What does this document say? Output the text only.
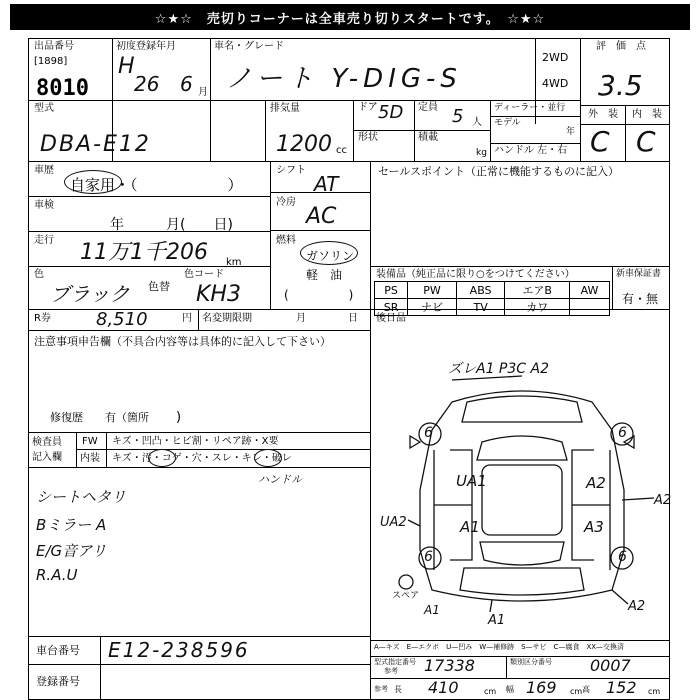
☆★☆　売切りコーナーは全車売り切りスタートです。　☆★☆
出品番号
[1898]
8010
初度登録年月
H
26 6 月
車名・グレード
ノート Y-DIG-S
2WD
4WD
評　価　点
3.5
外　装 内　装
C C
型式
DBA-E12
排気量
1200 cc
ドア 5D 定員 5 人
形状	積載
kg
ディーラー・並行
モデル
年
ハンドル 左・右
車歴
自家用・（　　　　　　）
車検
年　　　月(　　日)
走行 11万1千206 km
色
ブラック 色替
色コード
KH3
シフト
AT
冷房
AC
燃料
ガソリン
軽　油
(　　　　　)
セールスポイント（正常に機能するものに記入）
装備品（純正品に限り○をつけてください）	新車保証書
有・無
PS	PW	ABS	エアB	AW
SR	ナビ	TV	カワ	
R券	8,510	円 名変期限期	月	日 後日品
注意事項申告欄（不具合内容等は具体的に記入して下さい）
修復歴　　有（箇所 )
検査員
記入欄
FW キズ・凹凸・ヒビ割・リペア跡・X要
内装 キズ・汚・コゲ・穴・スレ・キレ・破レ
ハンドル
シートヘタリ
Bミラー A
E/G音アリ
R.A.U
ズレA1 P3C A2
UA1	A2
A1	A3
UA2
A2
A1
A1
A2
6	6
6	6
スペア
A—キズ　E—エクボ　U—凹み　W—補修跡　S—サビ　C—腐食　XX—交換済
車台番号 E12-238596
登録番号
型式指定番号
参考 17338	類別区分番号 0007
参考 長 410	cm 幅 169 cm 高 152 cm
